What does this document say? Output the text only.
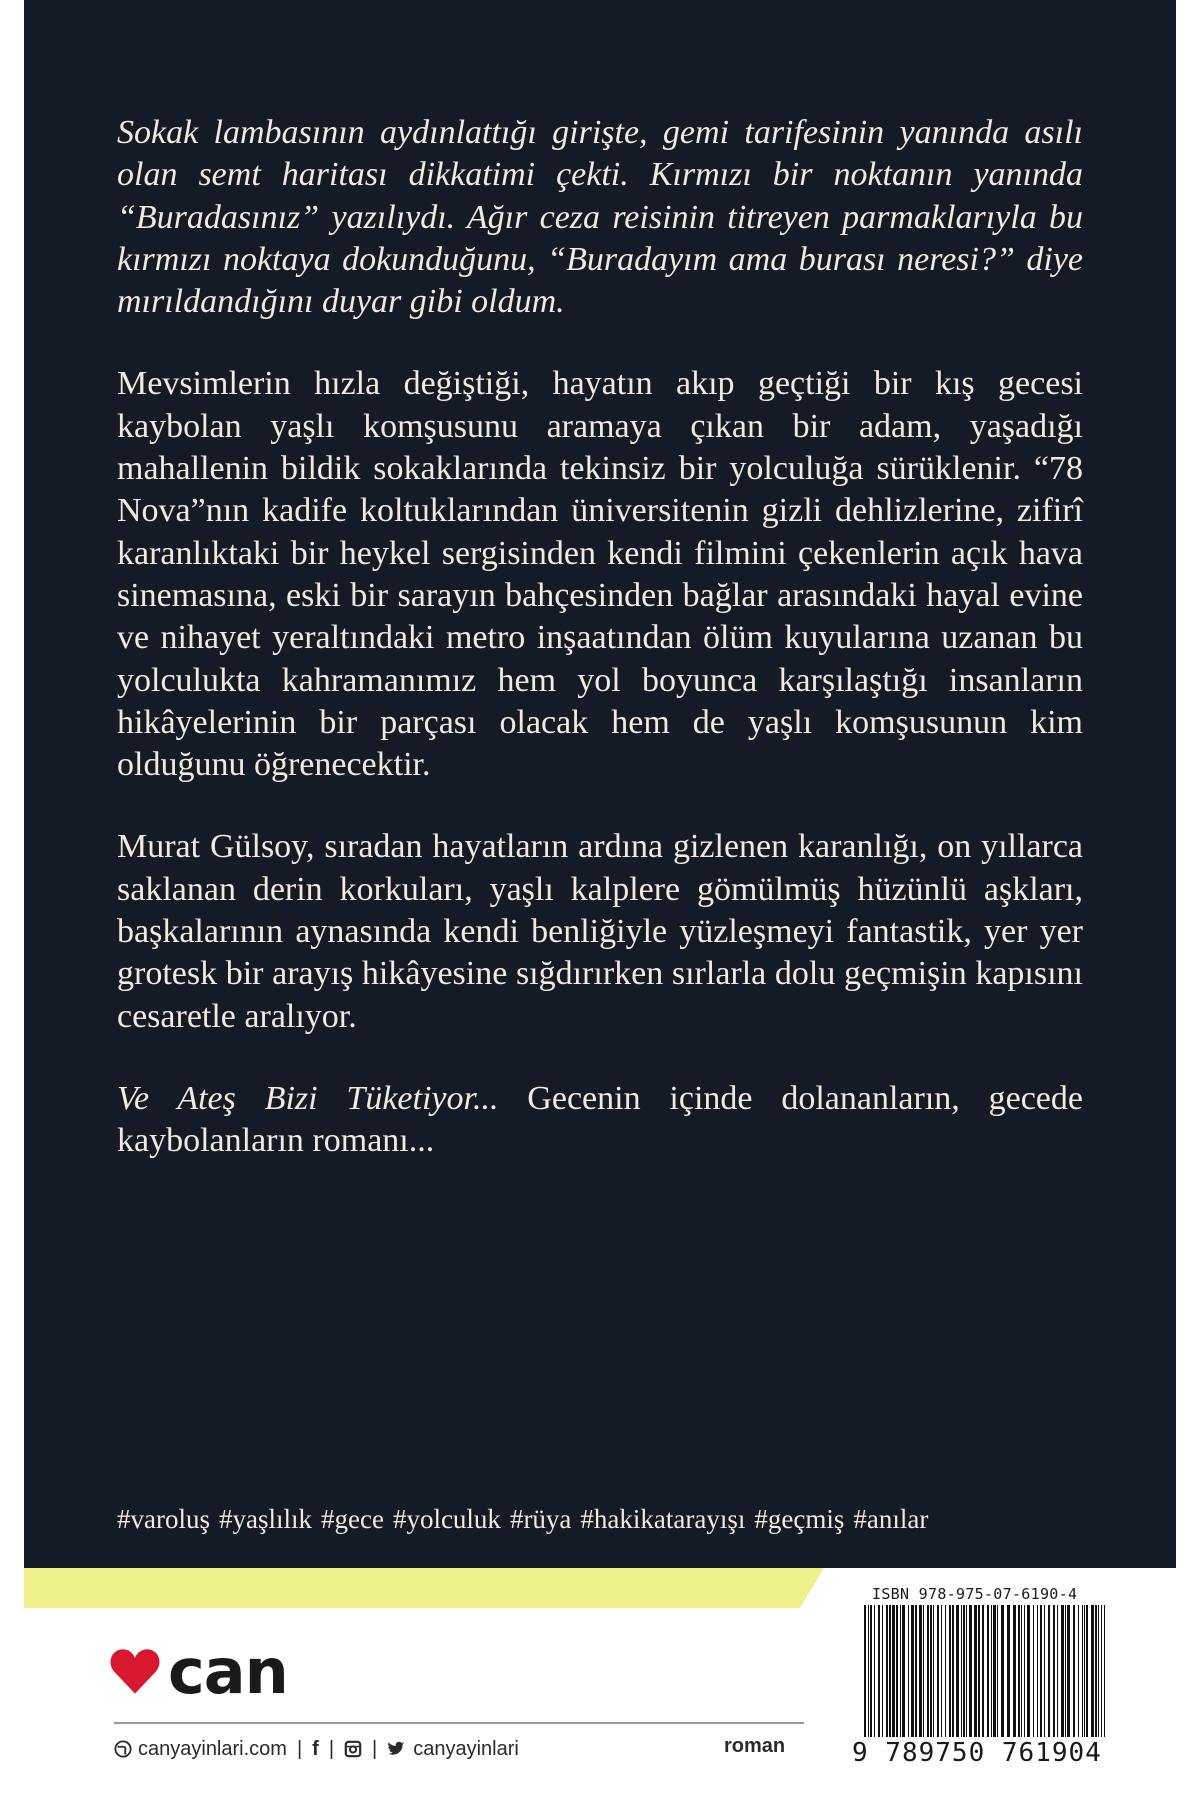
Sokak lambasının aydınlattığı girişte, gemi tarifesinin yanında asılı olan semt haritası dikkatimi çekti. Kırmızı bir noktanın yanında “Buradasınız” yazılıydı. Ağır ceza reisinin titreyen parmaklarıyla bu kırmızı noktaya dokunduğunu, “Buradayım ama burası neresi?” diye mırıldandığını duyar gibi oldum.

Mevsimlerin hızla değiştiği, hayatın akıp geçtiği bir kış gecesi kaybolan yaşlı komşusunu aramaya çıkan bir adam, yaşadığı mahallenin bildik sokaklarında tekinsiz bir yolculuğa sürüklenir. “78 Nova”nın kadife koltuklarından üniversitenin gizli dehlizlerine, zifirî karanlıktaki bir heykel sergisinden kendi filmini çekenlerin açık hava sinemasına, eski bir sarayın bahçesinden bağlar arasındaki hayal evine ve nihayet yeraltındaki metro inşaatından ölüm kuyularına uzanan bu yolculukta kahramanımız hem yol boyunca karşılaştığı insanların hikâyelerinin bir parçası olacak hem de yaşlı komşusunun kim olduğunu öğrenecektir.

Murat Gülsoy, sıradan hayatların ardına gizlenen karanlığı, on yıllarca saklanan derin korkuları, yaşlı kalplere gömülmüş hüzünlü aşkları, başkalarının aynasında kendi benliğiyle yüzleşmeyi fantastik, yer yer grotesk bir arayış hikâyesine sığdırırken sırlarla dolu geçmişin kapısını cesaretle aralıyor.

Ve Ateş Bizi Tüketiyor... Gecenin içinde dolananların, gecede kaybolanların romanı...

#varoluş #yaşlılık #gece #yolculuk #rüya #hakikatarayışı #geçmiş #anılar
can
canyayinlari.com | f | | canyayinlari	roman
ISBN 978-975-07-6190-4
9 789750 761904
